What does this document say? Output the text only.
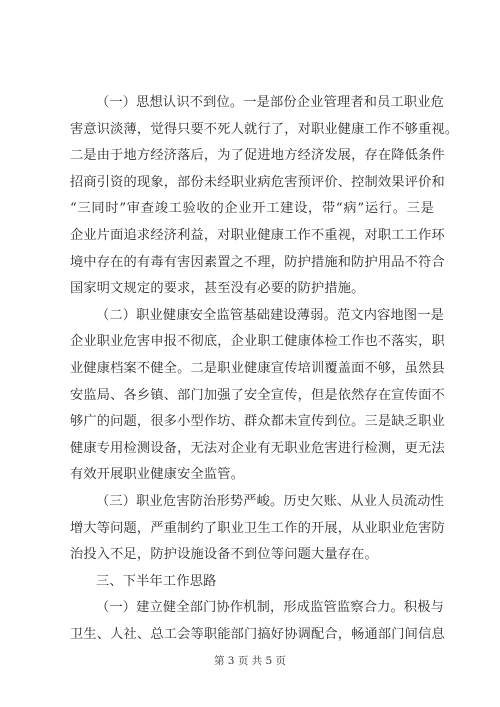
（一）思想认识不到位。一是部份企业管理者和员工职业危
害意识淡薄，觉得只要不死人就行了，对职业健康工作不够重视。
二是由于地方经济落后，为了促进地方经济发展，存在降低条件
招商引资的现象，部份未经职业病危害预评价、控制效果评价和
“三同时”审查竣工验收的企业开工建设，带“病”运行。三是
企业片面追求经济利益，对职业健康工作不重视，对职工工作环
境中存在的有毒有害因素置之不理，防护措施和防护用品不符合
国家明文规定的要求，甚至没有必要的防护措施。
（二）职业健康安全监管基础建设薄弱。范文内容地图一是
企业职业危害申报不彻底，企业职工健康体检工作也不落实，职
业健康档案不健全。二是职业健康宣传培训覆盖面不够，虽然县
安监局、各乡镇、部门加强了安全宣传，但是依然存在宣传面不
够广的问题，很多小型作坊、群众都未宣传到位。三是缺乏职业
健康专用检测设备，无法对企业有无职业危害进行检测，更无法
有效开展职业健康安全监管。
（三）职业危害防治形势严峻。历史欠账、从业人员流动性
增大等问题，严重制约了职业卫生工作的开展，从业职业危害防
治投入不足，防护设施设备不到位等问题大量存在。
三、下半年工作思路
（一）建立健全部门协作机制，形成监管监察合力。积极与
卫生、人社、总工会等职能部门搞好协调配合，畅通部门间信息
第 3 页 共 5 页
